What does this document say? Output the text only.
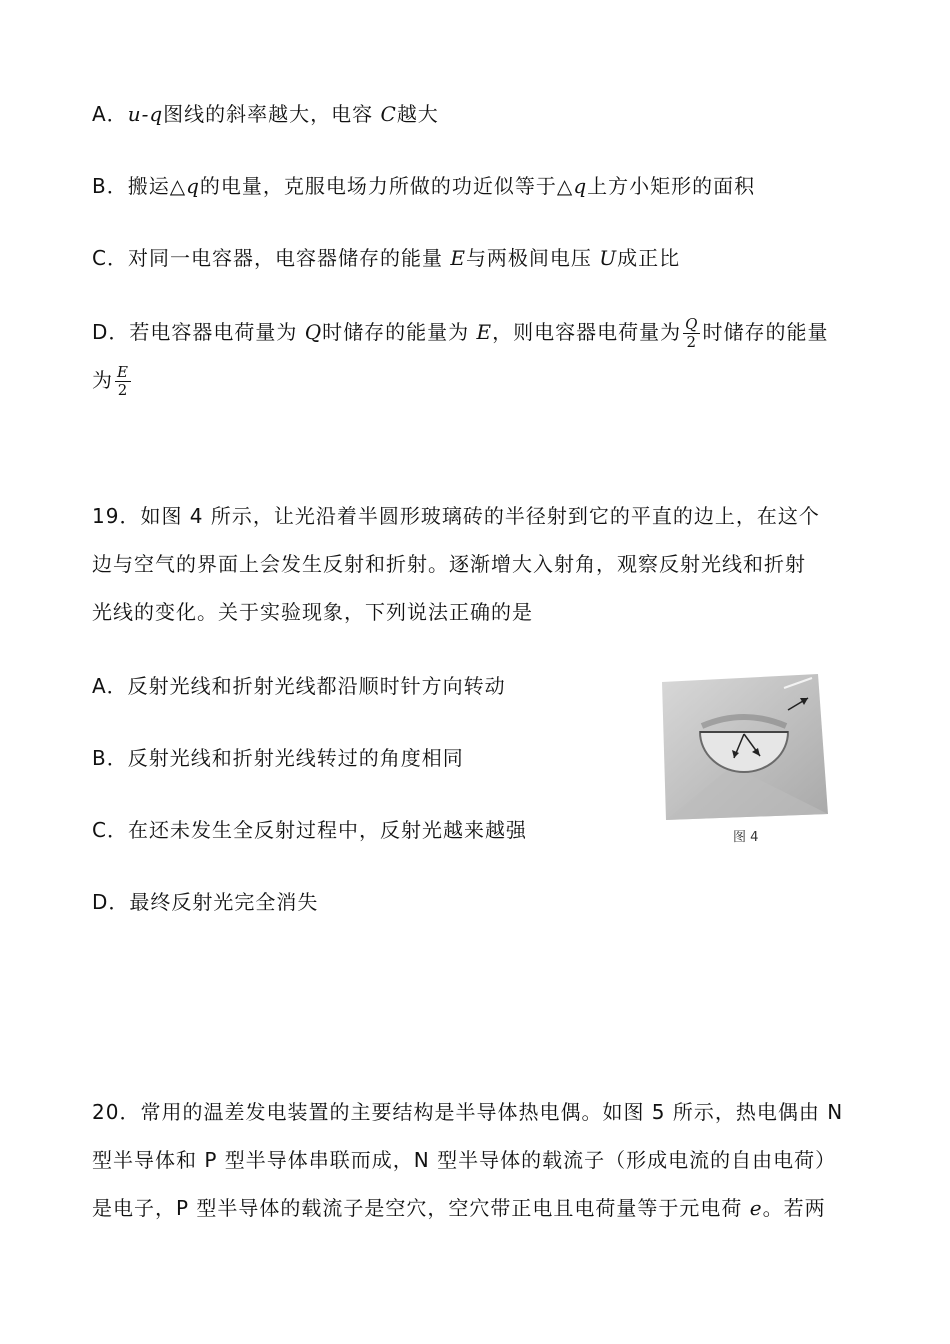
A．u-q图线的斜率越大，电容 C越大
B．搬运△q的电量，克服电场力所做的功近似等于△q上方小矩形的面积
C．对同一电容器，电容器储存的能量 E与两极间电压 U成正比
D．若电容器电荷量为 Q时储存的能量为 E，则电容器电荷量为 $\frac{Q}{2}$ 时储存的能量
为 $\frac{E}{2}$
19．如图 4 所示，让光沿着半圆形玻璃砖的半径射到它的平直的边上，在这个
边与空气的界面上会发生反射和折射。逐渐增大入射角，观察反射光线和折射
光线的变化。关于实验现象，下列说法正确的是
A．反射光线和折射光线都沿顺时针方向转动
B．反射光线和折射光线转过的角度相同
C．在还未发生全反射过程中，反射光越来越强
D．最终反射光完全消失
图 4
20．常用的温差发电装置的主要结构是半导体热电偶。如图 5 所示，热电偶由 N
型半导体和 P 型半导体串联而成，N 型半导体的载流子（形成电流的自由电荷）
是电子，P 型半导体的载流子是空穴，空穴带正电且电荷量等于元电荷 e。若两
